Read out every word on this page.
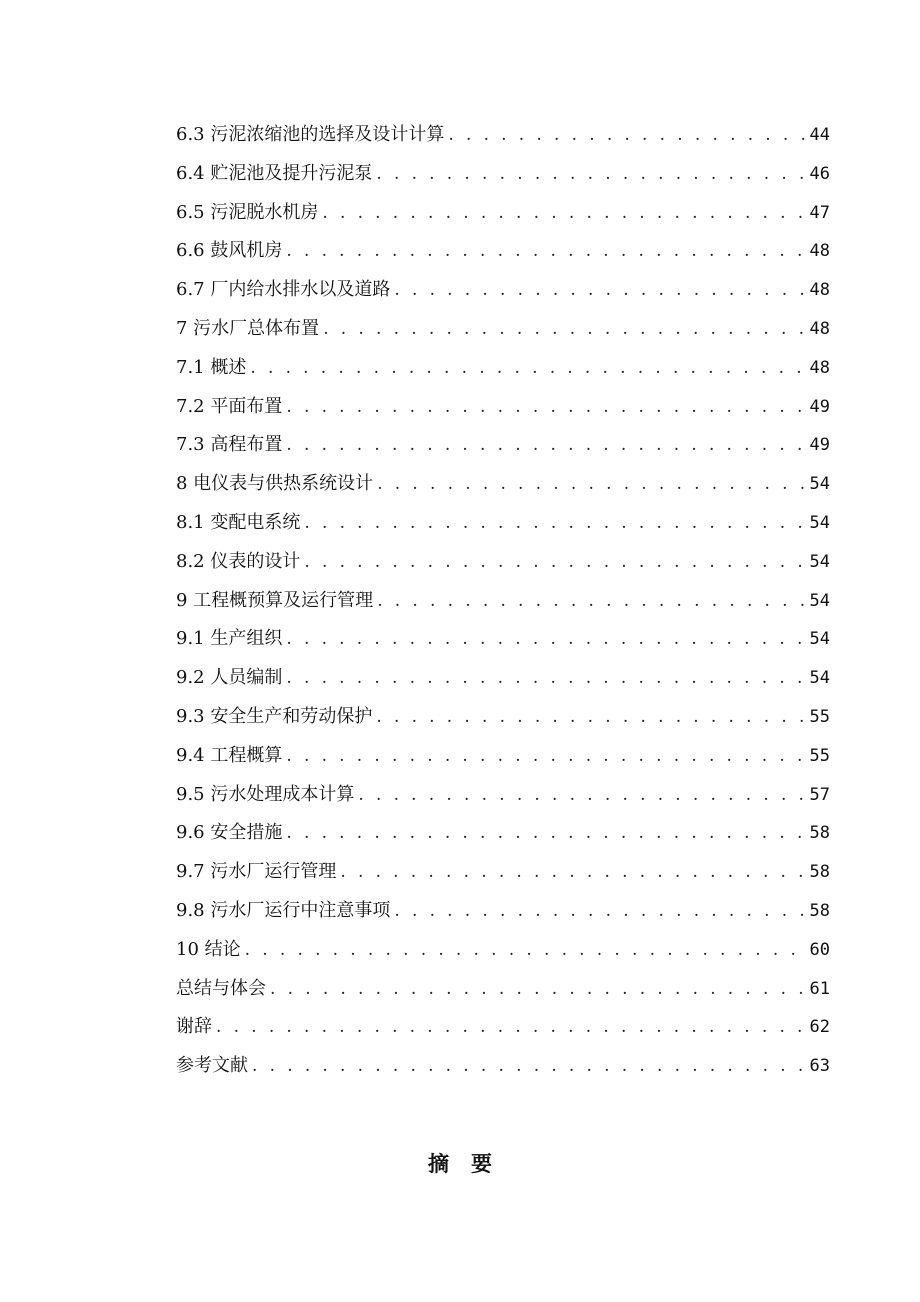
6.3 污泥浓缩池的选择及设计计算 . . .	44
6.4 贮泥池及提升污泥泵 . . .	46
6.5 污泥脱水机房 . . .	47
6.6 鼓风机房 . . .	48
6.7 厂内给水排水以及道路 . . .	48
7 污水厂总体布置 . . .	48
7.1 概述 . . .	48
7.2 平面布置 . . .	49
7.3 高程布置 . . .	49
8 电仪表与供热系统设计 . . .	54
8.1 变配电系统 . . .	54
8.2 仪表的设计 . . .	54
9 工程概预算及运行管理 . . .	54
9.1 生产组织 . . .	54
9.2 人员编制 . . .	54
9.3 安全生产和劳动保护 . . .	55
9.4 工程概算 . . .	55
9.5 污水处理成本计算 . . .	57
9.6 安全措施 . . .	58
9.7 污水厂运行管理 . . .	58
9.8 污水厂运行中注意事项 . . .	58
10 结论 . . .	60
总结与体会 . . .	61
谢辞 . . .	62
参考文献 . . .	63
摘要
